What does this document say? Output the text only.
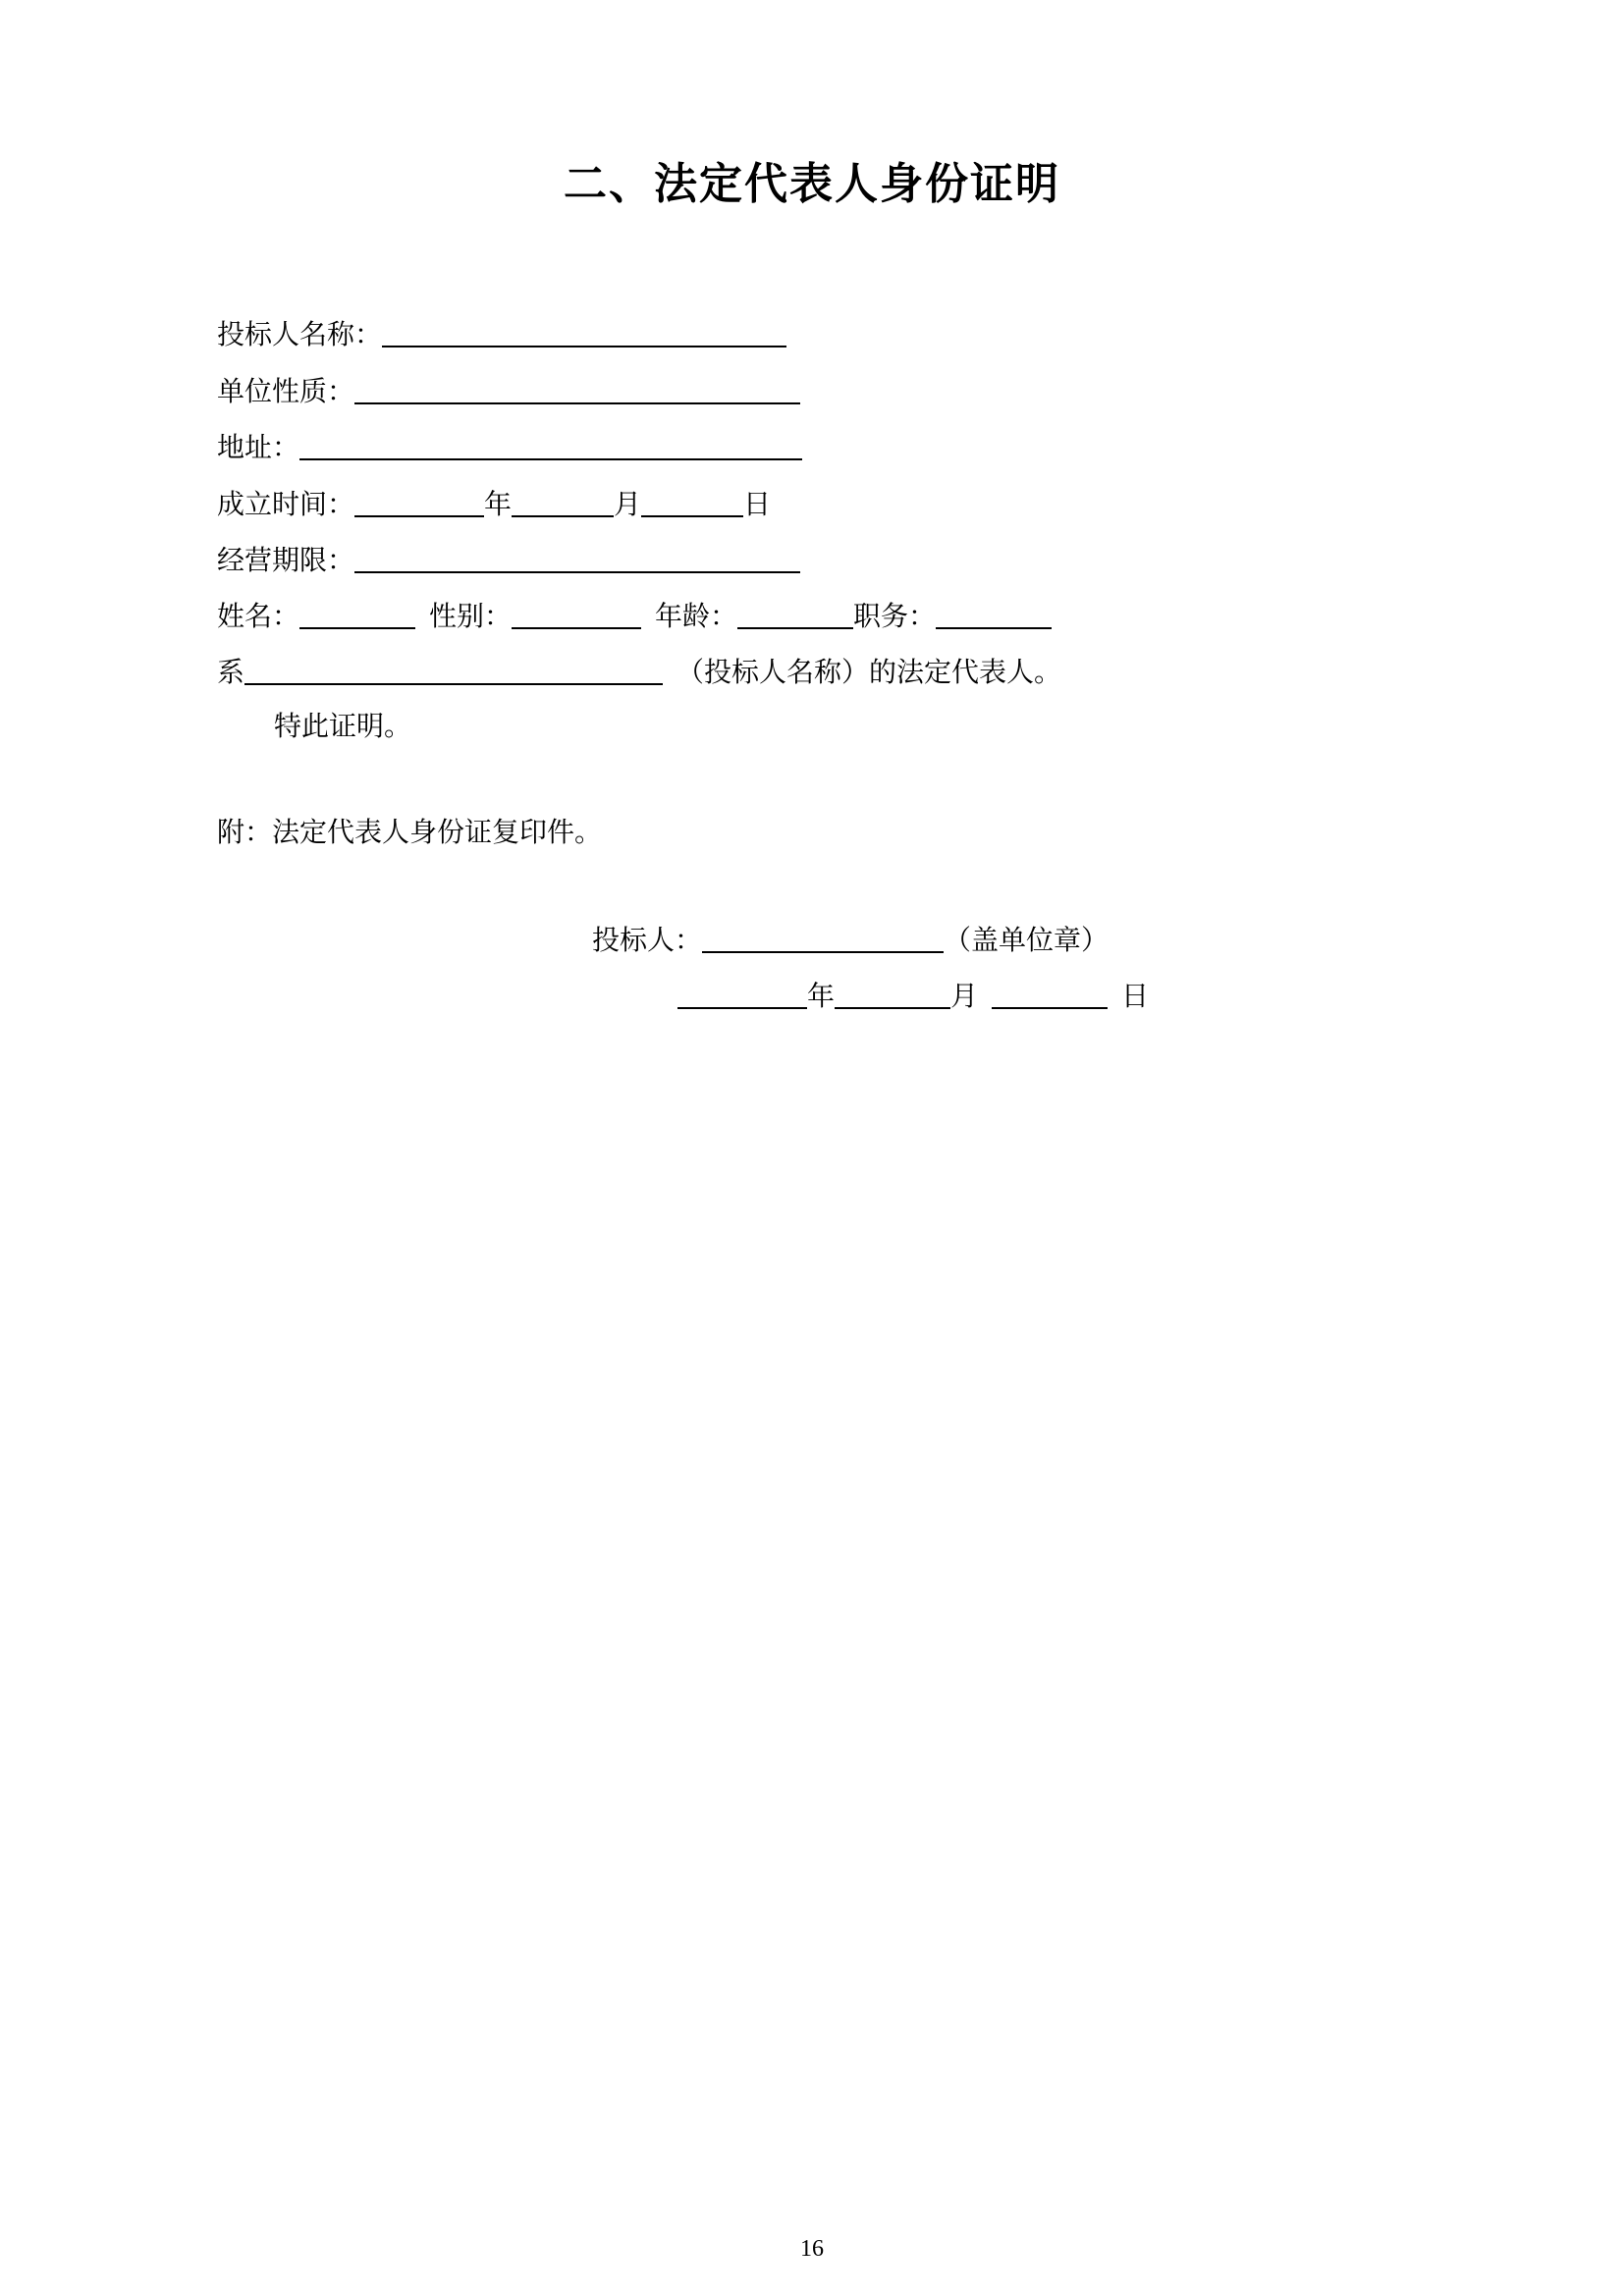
二、法定代表人身份证明
投标人名称：
单位性质：
地址：
成立时间：	年	月	日
经营期限：
姓名：	性别：	年龄：	职务：
系	（投标人名称）的法定代表人。
特此证明。
附：法定代表人身份证复印件。
投标人：	（盖单位章）
年	月	日
16
